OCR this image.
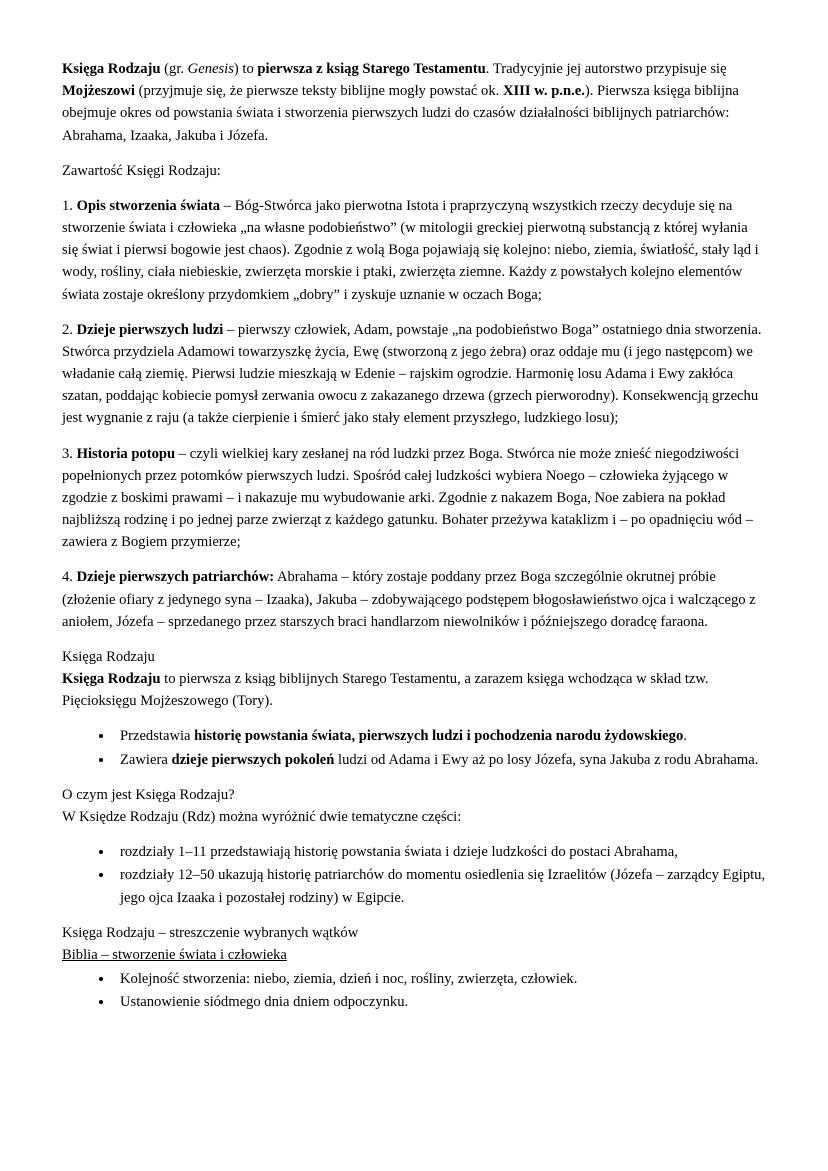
Księga Rodzaju (gr. Genesis) to pierwsza z ksiąg Starego Testamentu. Tradycyjnie jej autorstwo przypisuje się Mojżeszowi (przyjmuje się, że pierwsze teksty biblijne mogły powstać ok. XIII w. p.n.e.). Pierwsza księga biblijna obejmuje okres od powstania świata i stworzenia pierwszych ludzi do czasów działalności biblijnych patriarchów: Abrahama, Izaaka, Jakuba i Józefa.

Zawartość Księgi Rodzaju:

1. Opis stworzenia świata – Bóg-Stwórca jako pierwotna Istota i praprzyczyną wszystkich rzeczy decyduje się na stworzenie świata i człowieka „na własne podobieństwo” (w mitologii greckiej pierwotną substancją z której wyłania się świat i pierwsi bogowie jest chaos). Zgodnie z wolą Boga pojawiają się kolejno: niebo, ziemia, światłość, stały ląd i wody, rośliny, ciała niebieskie, zwierzęta morskie i ptaki, zwierzęta ziemne. Każdy z powstałych kolejno elementów świata zostaje określony przydomkiem „dobry” i zyskuje uznanie w oczach Boga;

2. Dzieje pierwszych ludzi – pierwszy człowiek, Adam, powstaje „na podobieństwo Boga” ostatniego dnia stworzenia. Stwórca przydziela Adamowi towarzyszkę życia, Ewę (stworzoną z jego żebra) oraz oddaje mu (i jego następcom) we władanie całą ziemię. Pierwsi ludzie mieszkają w Edenie – rajskim ogrodzie. Harmonię losu Adama i Ewy zakłóca szatan, poddając kobiecie pomysł zerwania owocu z zakazanego drzewa (grzech pierworodny). Konsekwencją grzechu jest wygnanie z raju (a także cierpienie i śmierć jako stały element przyszłego, ludzkiego losu);

3. Historia potopu – czyli wielkiej kary zesłanej na ród ludzki przez Boga. Stwórca nie może znieść niegodziwości popełnionych przez potomków pierwszych ludzi. Spośród całej ludzkości wybiera Noego – człowieka żyjącego w zgodzie z boskimi prawami – i nakazuje mu wybudowanie arki. Zgodnie z nakazem Boga, Noe zabiera na pokład najbliższą rodzinę i po jednej parze zwierząt z każdego gatunku. Bohater przeżywa kataklizm i – po opadnięciu wód – zawiera z Bogiem przymierze;

4. Dzieje pierwszych patriarchów: Abrahama – który zostaje poddany przez Boga szczególnie okrutnej próbie (złożenie ofiary z jedynego syna – Izaaka), Jakuba – zdobywającego podstępem błogosławieństwo ojca i walczącego z aniołem, Józefa – sprzedanego przez starszych braci handlarzom niewolników i późniejszego doradcę faraona.

Księga Rodzaju

Księga Rodzaju to pierwsza z ksiąg biblijnych Starego Testamentu, a zarazem księga wchodząca w skład tzw. Pięcioksięgu Mojżeszowego (Tory).

• Przedstawia historię powstania świata, pierwszych ludzi i pochodzenia narodu żydowskiego.
• Zawiera dzieje pierwszych pokoleń ludzi od Adama i Ewy aż po losy Józefa, syna Jakuba z rodu Abrahama.

O czym jest Księga Rodzaju?

W Księdze Rodzaju (Rdz) można wyróżnić dwie tematyczne części:

• rozdziały 1–11 przedstawiają historię powstania świata i dzieje ludzkości do postaci Abrahama,
• rozdziały 12–50 ukazują historię patriarchów do momentu osiedlenia się Izraelitów (Józefa – zarządcy Egiptu, jego ojca Izaaka i pozostałej rodziny) w Egipcie.

Księga Rodzaju – streszczenie wybranych wątków

Biblia – stworzenie świata i człowieka

• Kolejność stworzenia: niebo, ziemia, dzień i noc, rośliny, zwierzęta, człowiek.
• Ustanowienie siódmego dnia dniem odpoczynku.
